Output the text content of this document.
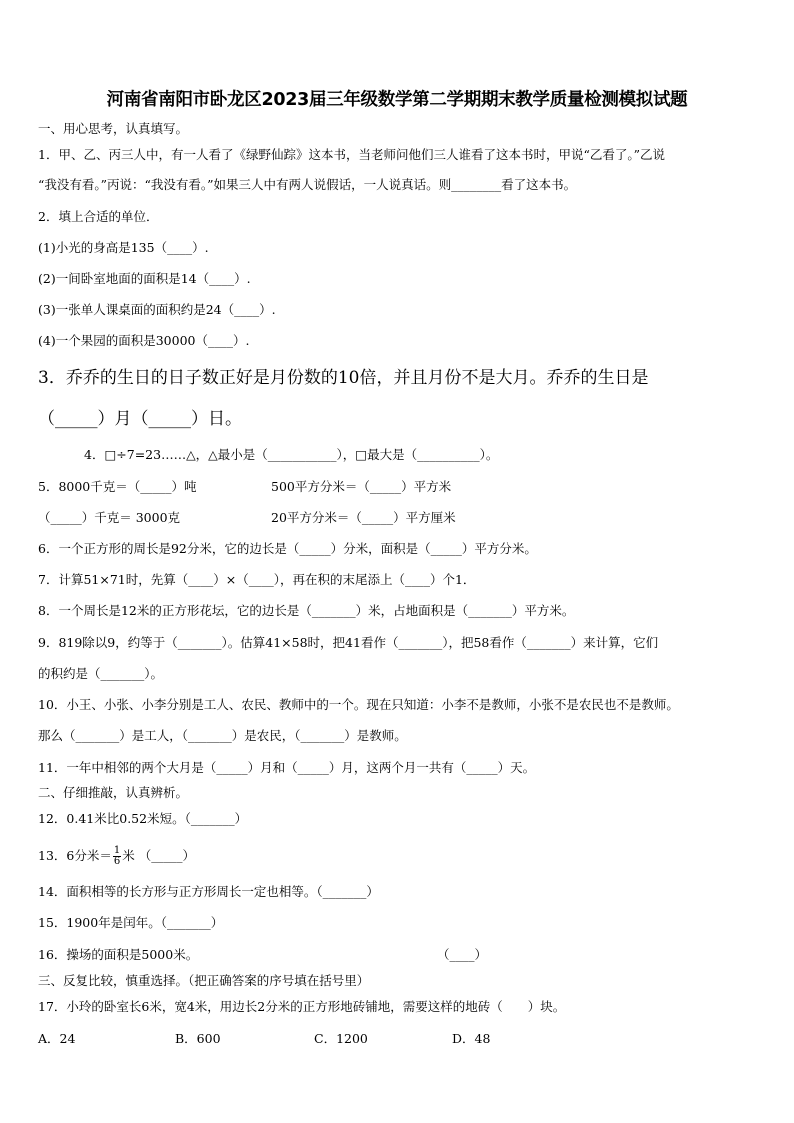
河南省南阳市卧龙区2023届三年级数学第二学期期末教学质量检测模拟试题
一、用心思考，认真填写。
1．甲、乙、丙三人中，有一人看了《绿野仙踪》这本书，当老师问他们三人谁看了这本书时，甲说“乙看了。”乙说
“我没有看。”丙说：“我没有看。”如果三人中有两人说假话，一人说真话。则________看了这本书。
2．填上合适的单位．
(1)小光的身高是135（____）.
(2)一间卧室地面的面积是14（____）.
(3)一张单人课桌面的面积约是24（____）.
(4)一个果园的面积是30000（____）.
3．乔乔的生日的日子数正好是月份数的10倍，并且月份不是大月。乔乔的生日是
（_____）月（_____）日。
4．□÷7=23……△，△最小是（___________），□最大是（__________）。
5．8000千克＝（_____）吨	500平方分米＝（_____）平方米
（_____）千克＝ 3000克	20平方分米＝（_____）平方厘米
6．一个正方形的周长是92分米，它的边长是（_____）分米，面积是（_____）平方分米。
7．计算51×71时，先算（____）×（____），再在积的末尾添上（____）个1．
8．一个周长是12米的正方形花坛，它的边长是（_______）米，占地面积是（_______）平方米。
9．819除以9，约等于（_______）。估算41×58时，把41看作（_______），把58看作（_______）来计算，它们
的积约是（_______）。
10．小王、小张、小李分别是工人、农民、教师中的一个。现在只知道：小李不是教师，小张不是农民也不是教师。
那么（_______）是工人，（_______）是农民，（_______）是教师。
11．一年中相邻的两个大月是（_____）月和（_____）月，这两个月一共有（_____）天。
二、仔细推敲，认真辨析。
12．0.41米比0.52米短。（_______）
13．6分米＝ $\frac{1}{6}$ 米 （_____）
14．面积相等的长方形与正方形周长一定也相等。（_______）
15．1900年是闰年。（_______）
16．操场的面积是5000米。	（____）
三、反复比较，慎重选择。（把正确答案的序号填在括号里）
17．小玲的卧室长6米，宽4米，用边长2分米的正方形地砖铺地，需要这样的地砖（　　）块。
A．24	B．600	C．1200	D．48
